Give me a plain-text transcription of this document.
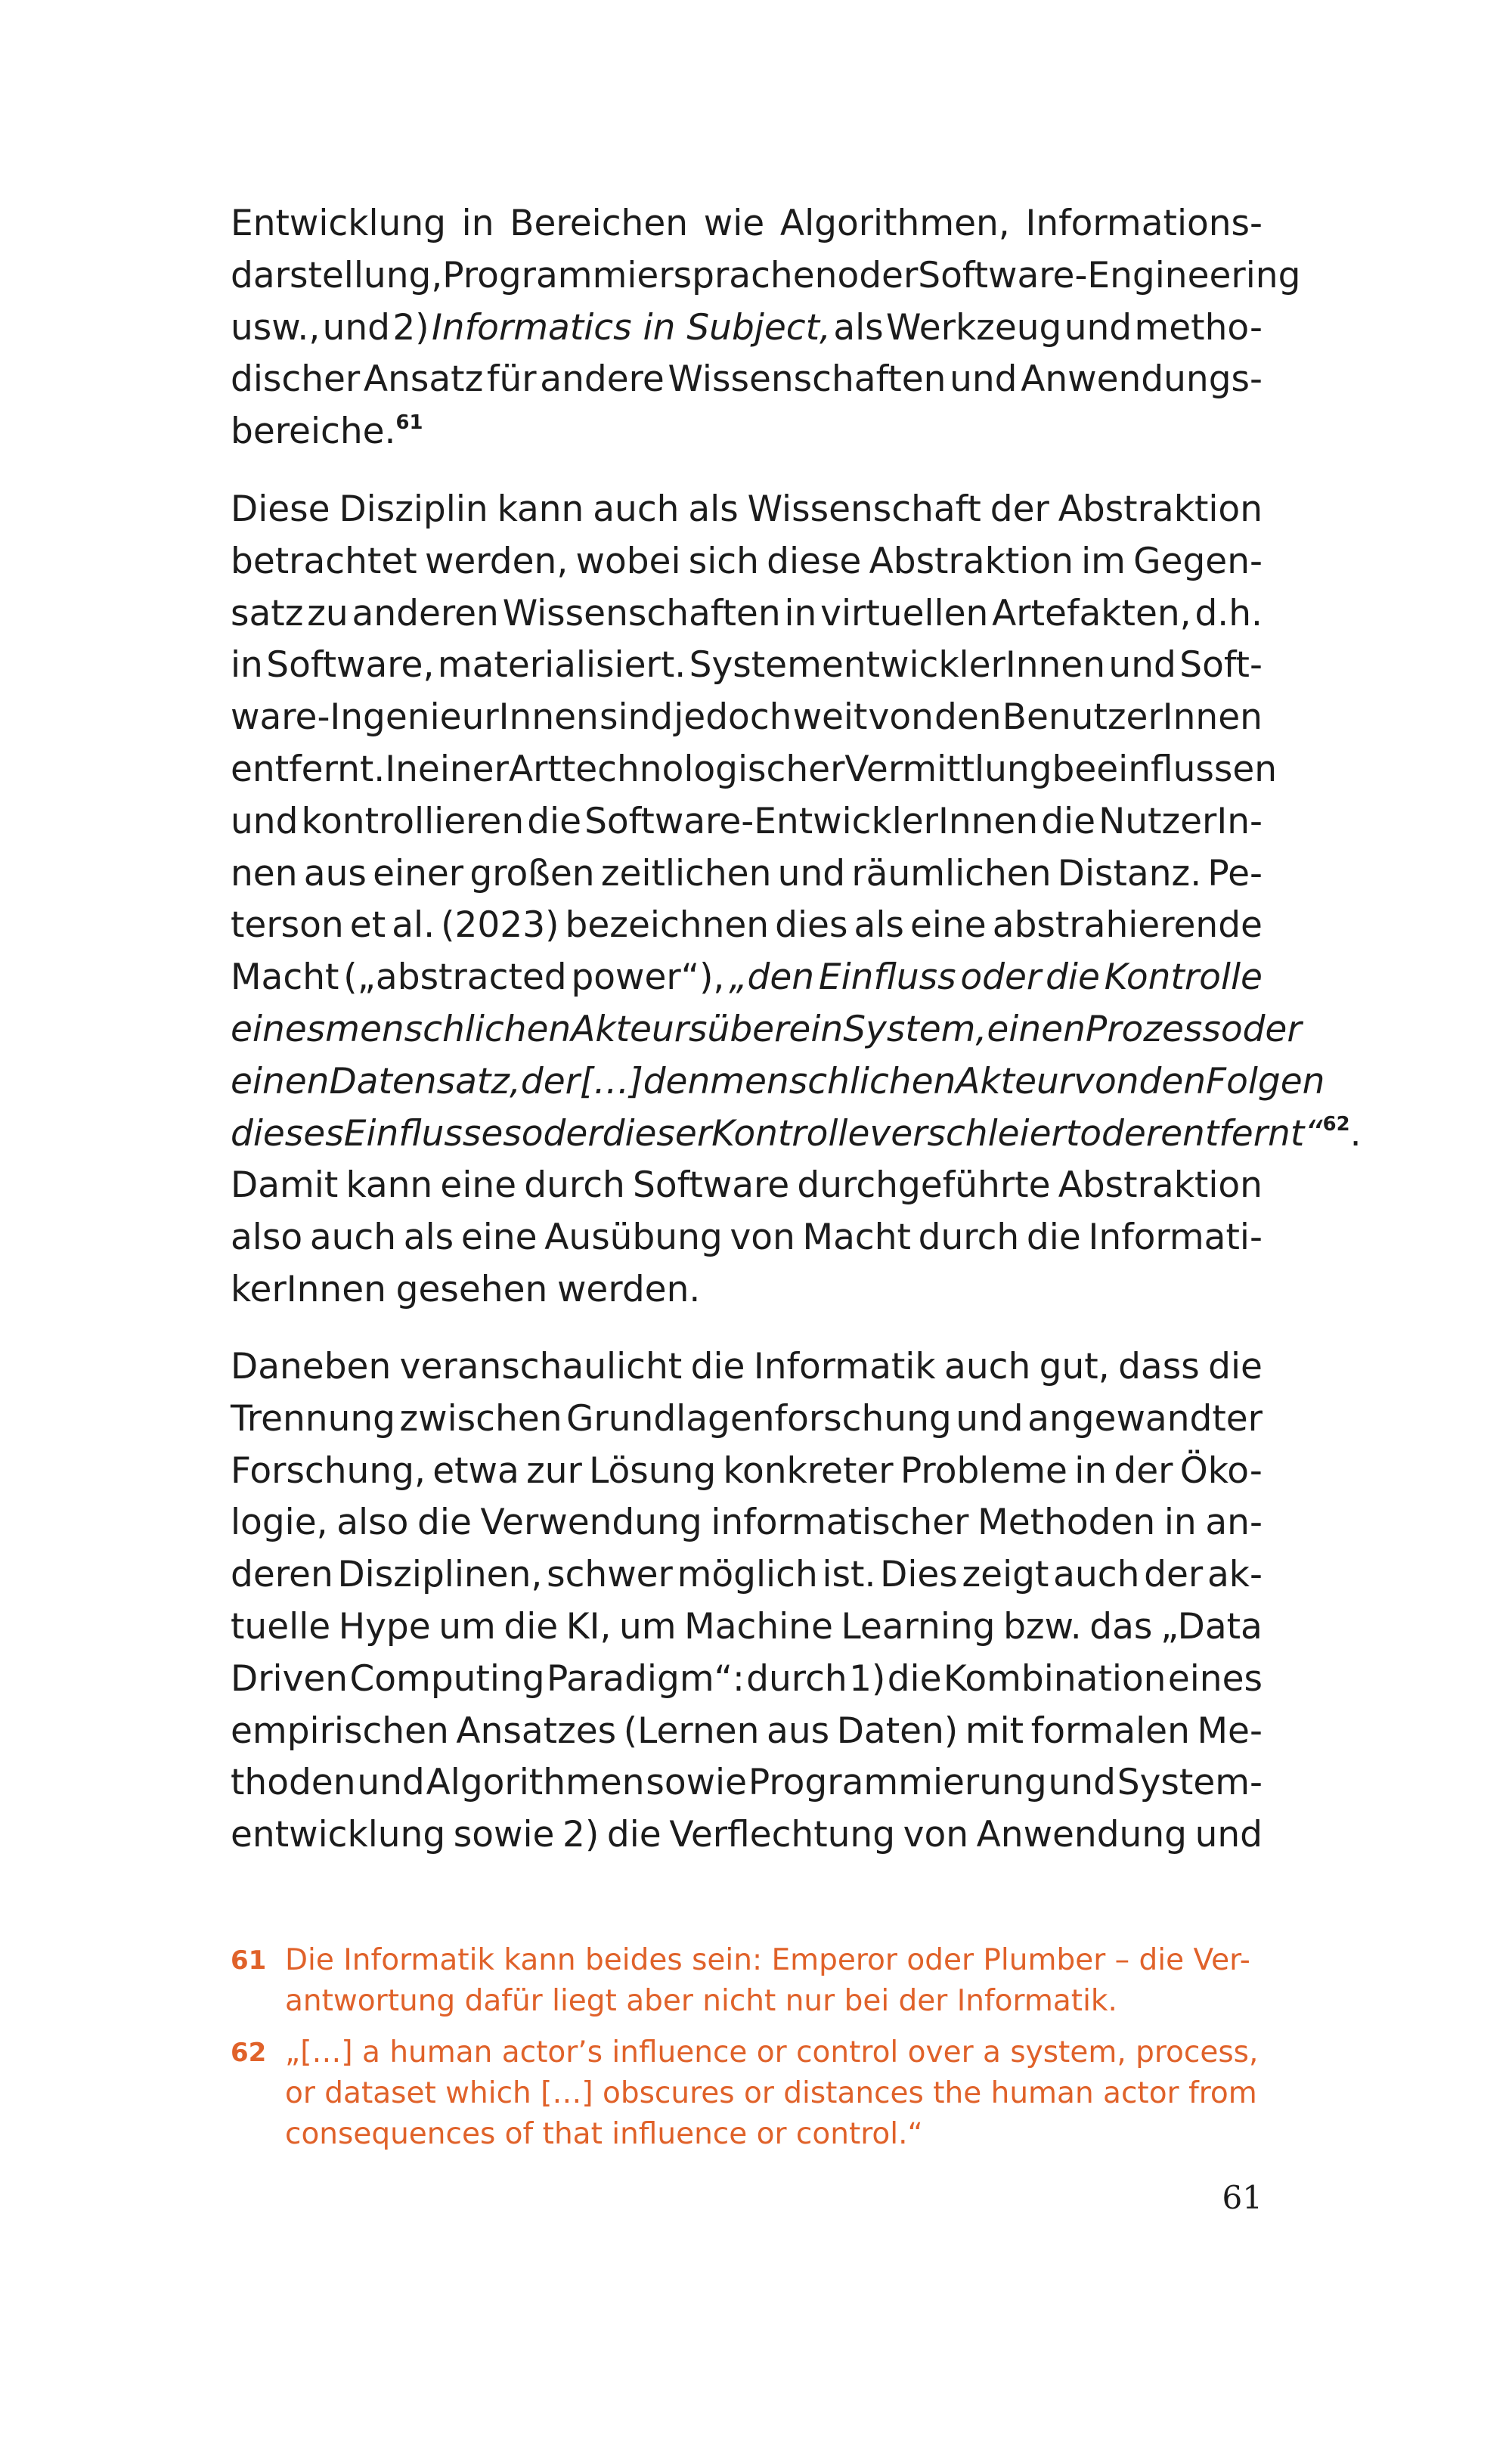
Entwicklung in Bereichen wie Algorithmen, Informations-
darstellung, Programmiersprachen oder Software-Engineering
usw., und 2) Informatics in Subject, als Werkzeug und metho-
discher Ansatz für andere Wissenschaften und Anwendungs-
bereiche.$^{61}$
Diese Disziplin kann auch als Wissenschaft der Abstraktion
betrachtet werden, wobei sich diese Abstraktion im Gegen-
satz zu anderen Wissenschaften in virtuellen Artefakten, d.h.
in Software, materialisiert. SystementwicklerInnen und Soft-
ware-IngenieurInnen sind jedoch weit von den BenutzerInnen
entfernt. In einer Art technologischer Vermittlung beeinflussen
und kontrollieren die Software-EntwicklerInnen die NutzerIn-
nen aus einer großen zeitlichen und räumlichen Distanz. Pe-
terson et al. (2023) bezeichnen dies als eine abstrahierende
Macht („abstracted power“), „den Einfluss oder die Kontrolle
eines menschlichen Akteurs über ein System, einen Prozess oder
einen Datensatz, der […] den menschlichen Akteur von den Folgen
dieses Einflusses oder dieser Kontrolle verschleiert oder entfernt“$^{62}$.
Damit kann eine durch Software durchgeführte Abstraktion
also auch als eine Ausübung von Macht durch die Informati-
kerInnen gesehen werden.
Daneben veranschaulicht die Informatik auch gut, dass die
Trennung zwischen Grundlagenforschung und angewandter
Forschung, etwa zur Lösung konkreter Probleme in der Öko-
logie, also die Verwendung informatischer Methoden in an-
deren Disziplinen, schwer möglich ist. Dies zeigt auch der ak-
tuelle Hype um die KI, um Machine Learning bzw. das „Data
Driven Computing Paradigm“: durch 1) die Kombination eines
empirischen Ansatzes (Lernen aus Daten) mit formalen Me-
thoden und Algorithmen sowie Programmierung und System-
entwicklung sowie 2) die Verflechtung von Anwendung und
61 Die Informatik kann beides sein: Emperor oder Plumber – die Ver-
antwortung dafür liegt aber nicht nur bei der Informatik.
62 „[…] a human actor’s influence or control over a system, process,
or dataset which […] obscures or distances the human actor from
consequences of that influence or control.“
61
